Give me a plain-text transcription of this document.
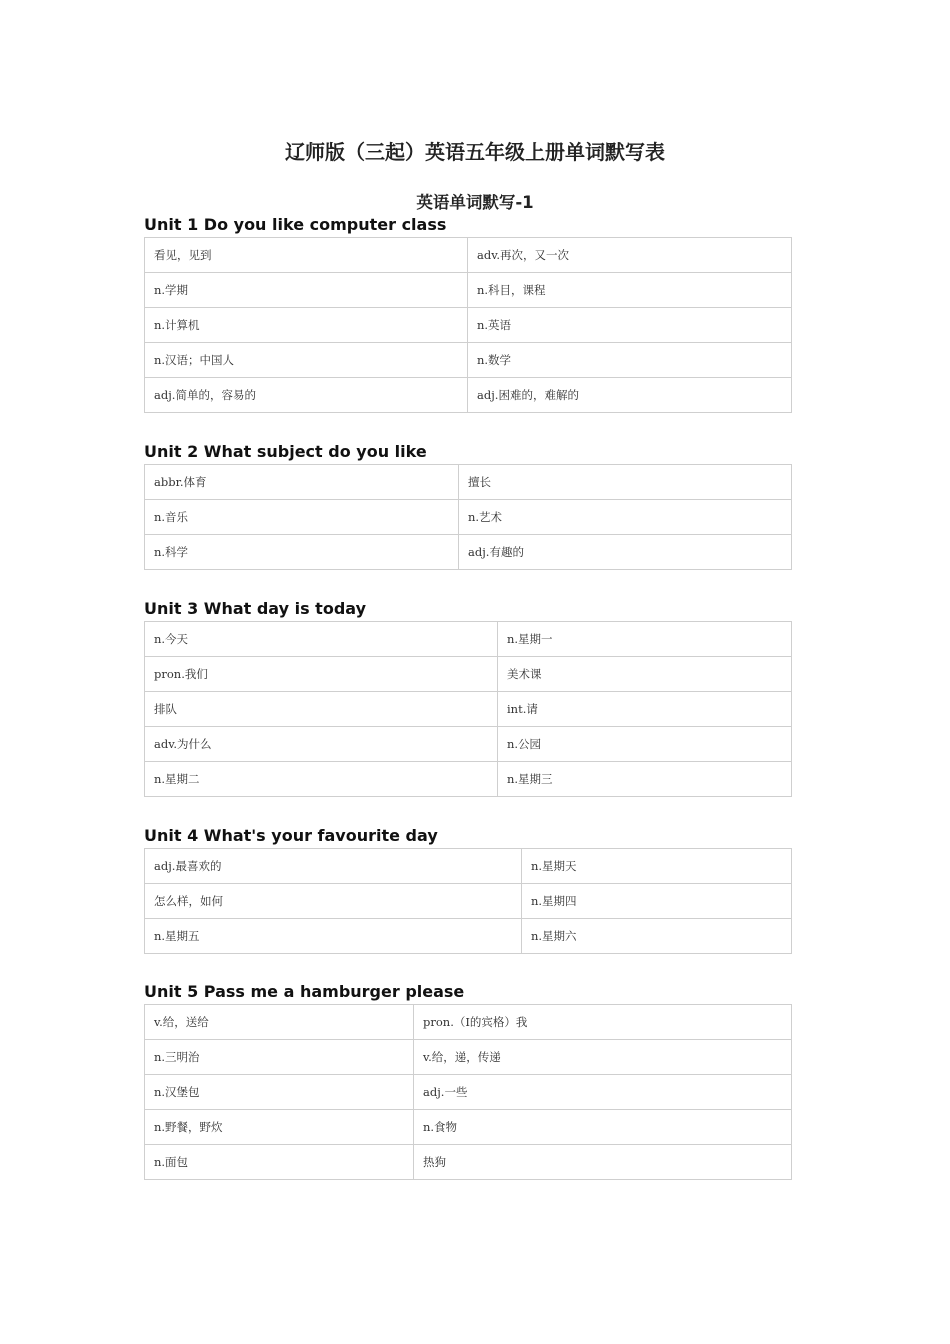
辽师版（三起）英语五年级上册单词默写表
英语单词默写-1
Unit 1 Do you like computer class
看见，见到	adv.再次，又一次
n.学期	n.科目，课程
n.计算机	n.英语
n.汉语；中国人	n.数学
adj.简单的，容易的	adj.困难的，难解的
Unit 2 What subject do you like
abbr.体育	擅长
n.音乐	n.艺术
n.科学	adj.有趣的
Unit 3 What day is today
n.今天	n.星期一
pron.我们	美术课
排队	int.请
adv.为什么	n.公园
n.星期二	n.星期三
Unit 4 What's your favourite day
adj.最喜欢的	n.星期天
怎么样，如何	n.星期四
n.星期五	n.星期六
Unit 5 Pass me a hamburger please
v.给，送给	pron.（I的宾格）我
n.三明治	v.给，递，传递
n.汉堡包	adj.一些
n.野餐，野炊	n.食物
n.面包	热狗
